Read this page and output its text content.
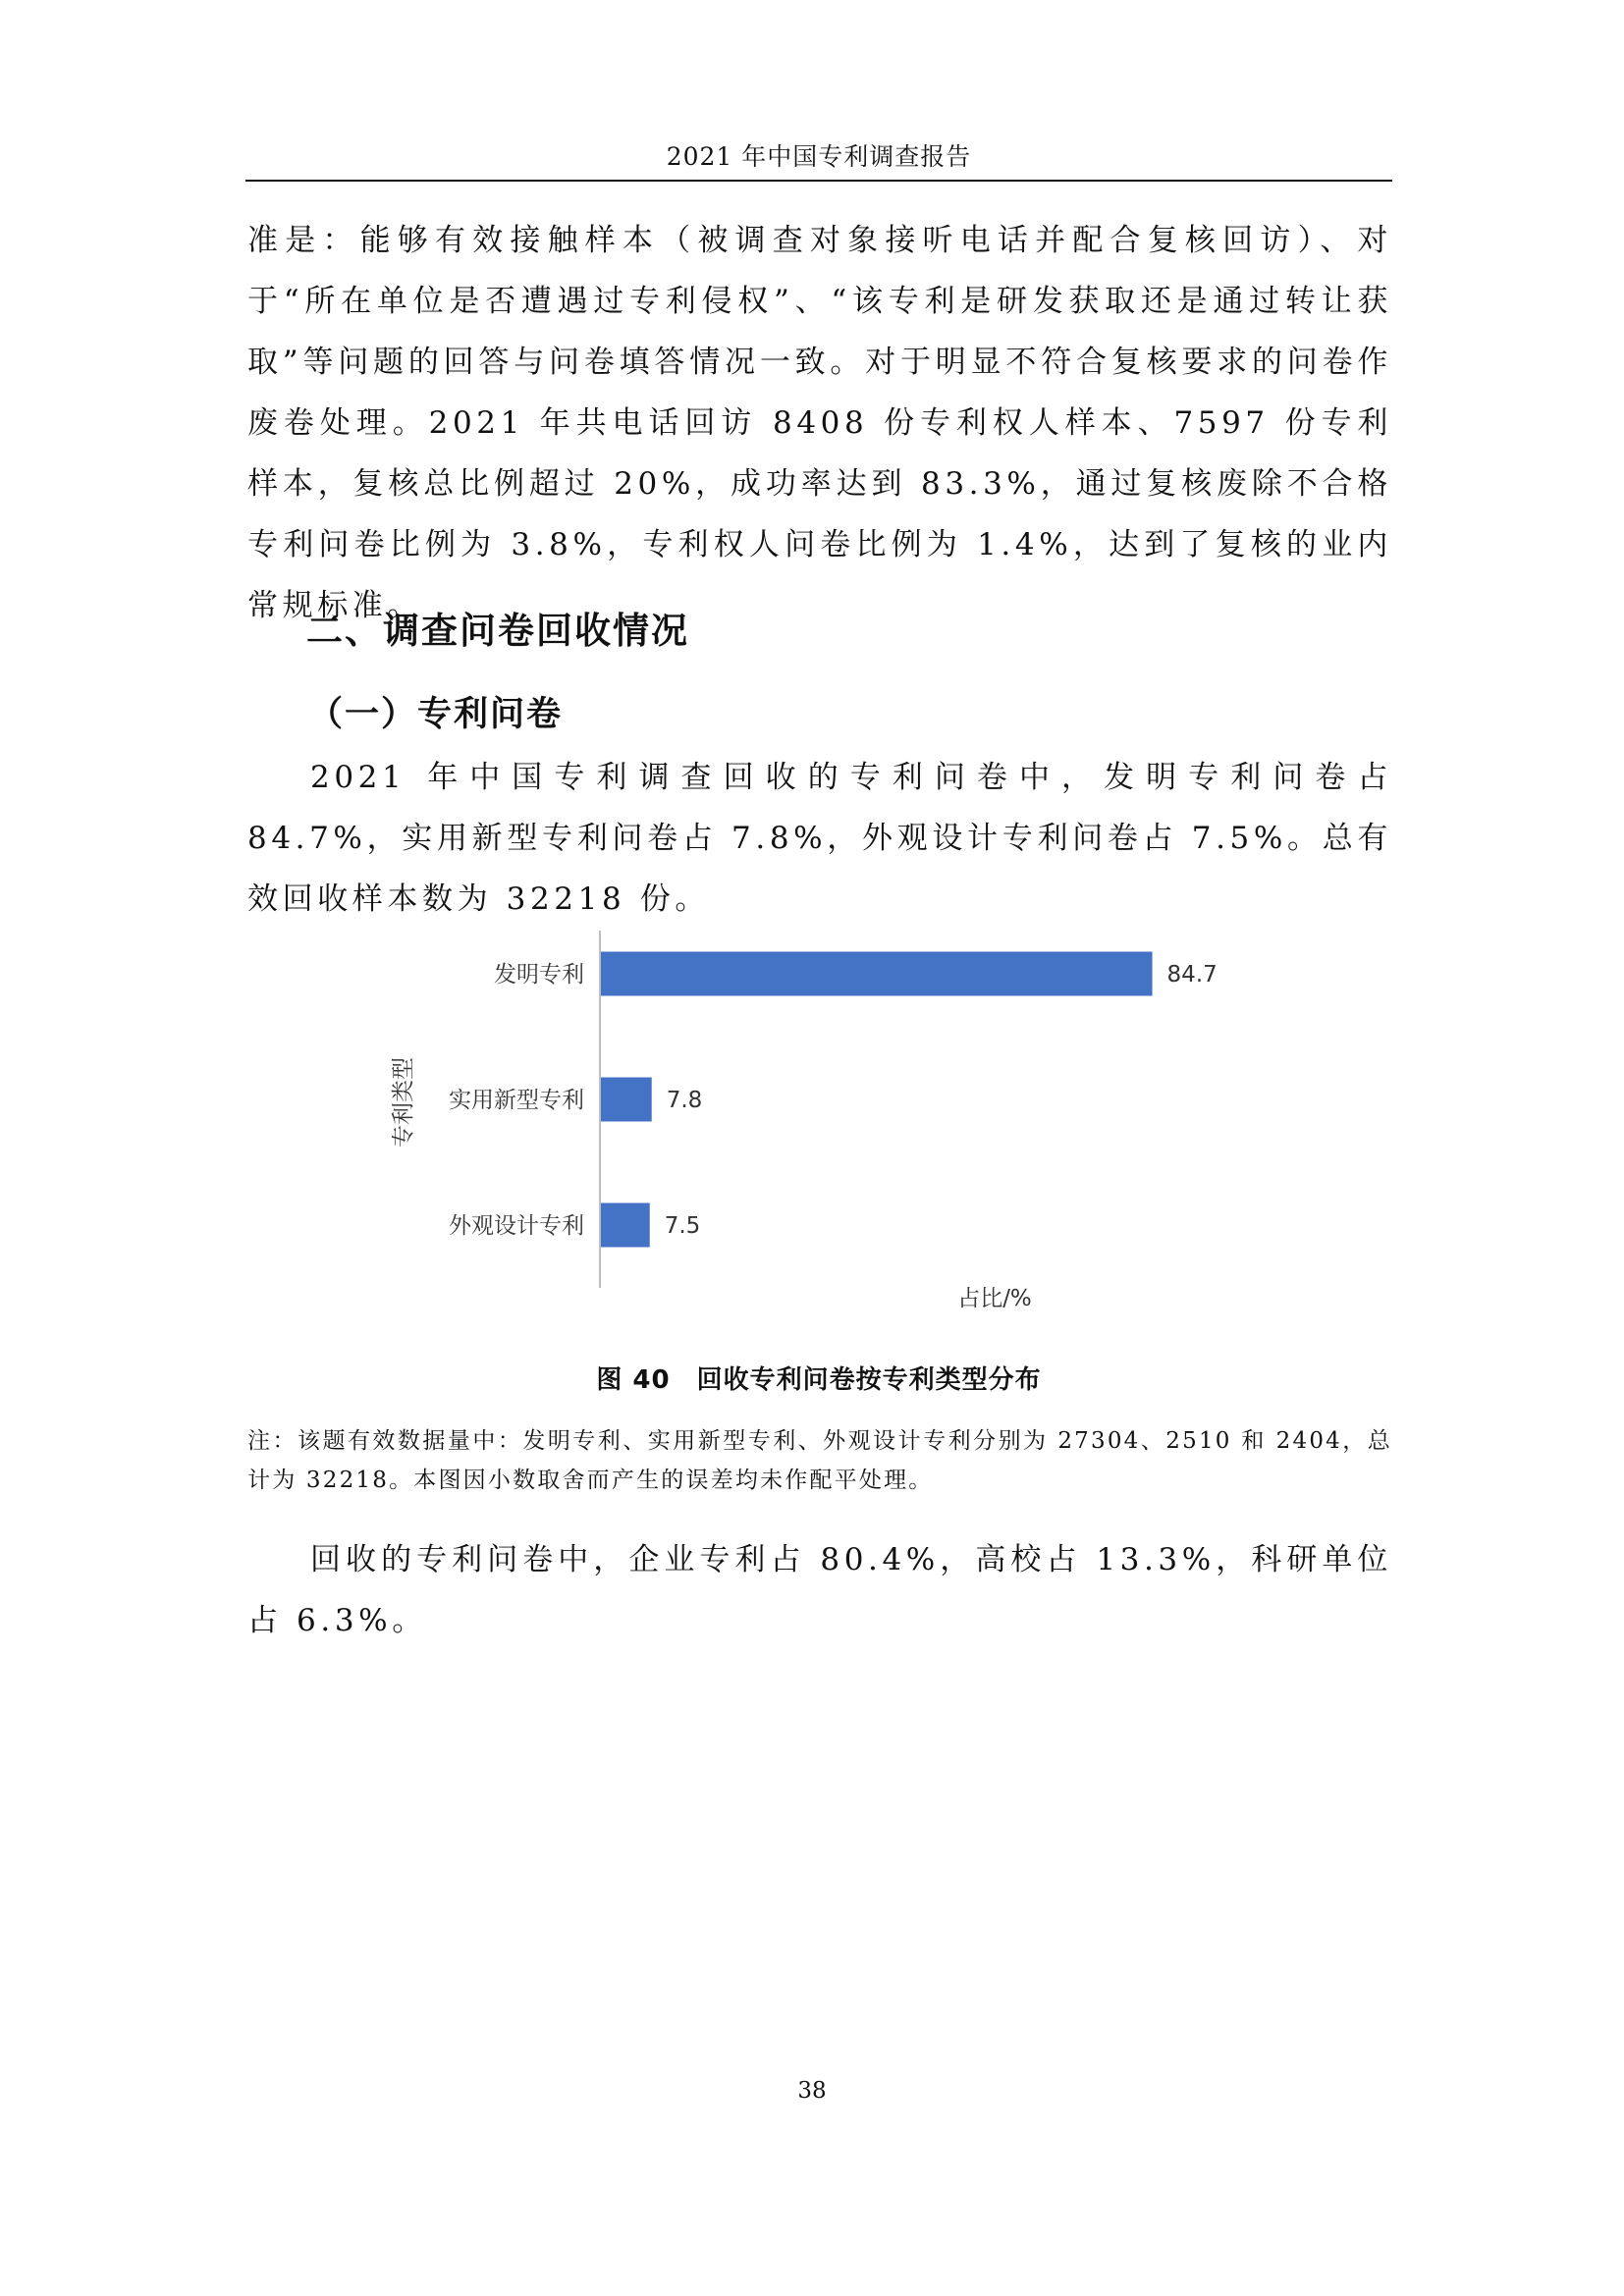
2021 年中国专利调查报告

准是：能够有效接触样本（被调查对象接听电话并配合复核回访）、对于“所在单位是否遭遇过专利侵权”、“该专利是研发获取还是通过转让获取”等问题的回答与问卷填答情况一致。对于明显不符合复核要求的问卷作废卷处理。2021 年共电话回访 8408 份专利权人样本、7597 份专利样本，复核总比例超过 20%，成功率达到 83.3%，通过复核废除不合格专利问卷比例为 3.8%，专利权人问卷比例为 1.4%，达到了复核的业内常规标准。

二、调查问卷回收情况
（一）专利问卷

2021 年中国专利调查回收的专利问卷中，发明专利问卷占 84.7%，实用新型专利问卷占 7.8%，外观设计专利问卷占 7.5%。总有效回收样本数为 32218 份。

发明专利
实用新型专利
外观设计专利
84.7
7.8
7.5
占比/%
专利类型
图 40　回收专利问卷按专利类型分布

注：该题有效数据量中：发明专利、实用新型专利、外观设计专利分别为 27304、2510 和 2404，总计为 32218。本图因小数取舍而产生的误差均未作配平处理。

回收的专利问卷中，企业专利占 80.4%，高校占 13.3%，科研单位占 6.3%。

38
